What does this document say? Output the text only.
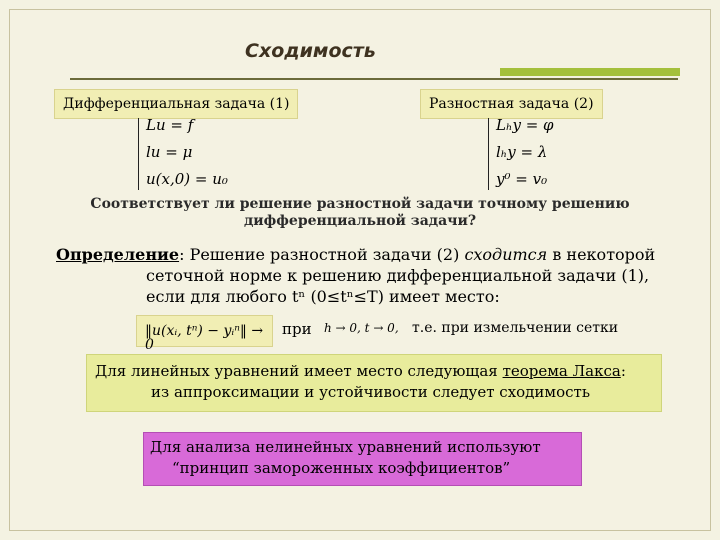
Сходимость
Дифференциальная задача (1)
Lu = f
lu = μ
u(x,0) = u₀
Разностная задача (2)
Lₕy = φ
lₕy = λ
y⁰ = v₀
Соответствует ли решение разностной задачи точному решению
дифференциальной задачи?
Определение: Решение разностной задачи (2) сходится в некоторой
сеточной норме к решению дифференциальной задачи (1),
если для любого tⁿ (0≤tⁿ≤T) имеет место:
‖u(xᵢ, tⁿ) − yᵢⁿ‖ → 0
при h → 0, t → 0, т.е. при измельчении сетки
Для линейных уравнений имеет место следующая теорема Лакса:
из аппроксимации и устойчивости следует сходимость
Для анализа нелинейных уравнений используют
“принцип замороженных коэффициентов”
